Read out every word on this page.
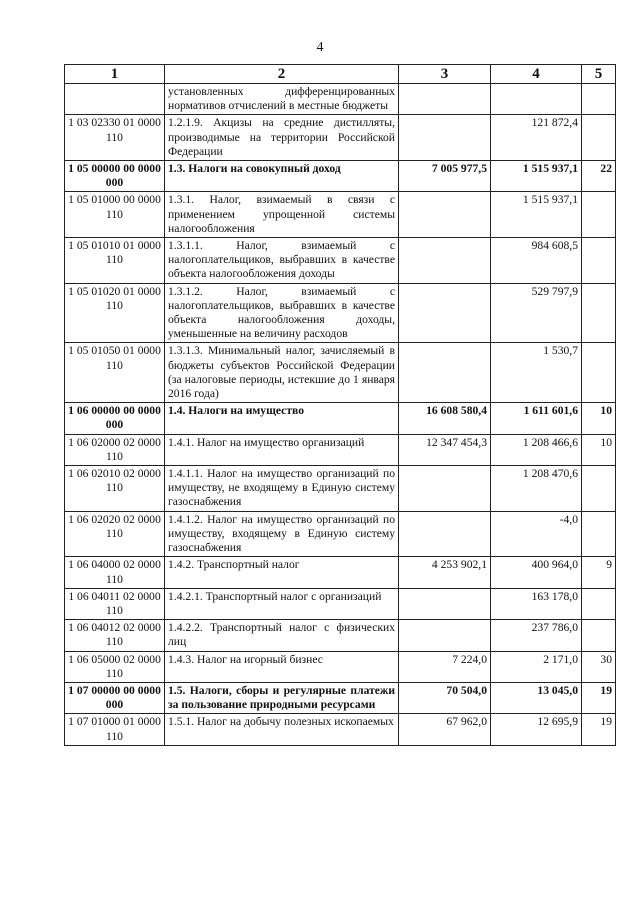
4
1	2	3	4	5
	установленных дифференцированных нормативов отчислений в местные бюджеты			
1 03 02330 01 0000 110	1.2.1.9. Акцизы на средние дистилляты, производимые на территории Российской Федерации		121 872,4	
1 05 00000 00 0000 000	1.3. Налоги на совокупный доход	7 005 977,5	1 515 937,1	22
1 05 01000 00 0000 110	1.3.1. Налог, взимаемый в связи с применением упрощенной системы налогообложения		1 515 937,1	
1 05 01010 01 0000 110	1.3.1.1. Налог, взимаемый с налогоплательщиков, выбравших в качестве объекта налогообложения доходы		984 608,5	
1 05 01020 01 0000 110	1.3.1.2. Налог, взимаемый с налогоплательщиков, выбравших в качестве объекта налогообложения доходы, уменьшенные на величину расходов		529 797,9	
1 05 01050 01 0000 110	1.3.1.3. Минимальный налог, зачисляемый в бюджеты субъектов Российской Федерации (за налоговые периоды, истекшие до 1 января 2016 года)		1 530,7	
1 06 00000 00 0000 000	1.4. Налоги на имущество	16 608 580,4	1 611 601,6	10
1 06 02000 02 0000 110	1.4.1. Налог на имущество организаций	12 347 454,3	1 208 466,6	10
1 06 02010 02 0000 110	1.4.1.1. Налог на имущество организаций по имуществу, не входящему в Единую систему газоснабжения		1 208 470,6	
1 06 02020 02 0000 110	1.4.1.2. Налог на имущество организаций по имуществу, входящему в Единую систему газоснабжения		-4,0	
1 06 04000 02 0000 110	1.4.2. Транспортный налог	4 253 902,1	400 964,0	9
1 06 04011 02 0000 110	1.4.2.1. Транспортный налог с организаций		163 178,0	
1 06 04012 02 0000 110	1.4.2.2. Транспортный налог с физических лиц		237 786,0	
1 06 05000 02 0000 110	1.4.3. Налог на игорный бизнес	7 224,0	2 171,0	30
1 07 00000 00 0000 000	1.5. Налоги, сборы и регулярные платежи за пользование природными ресурсами	70 504,0	13 045,0	19
1 07 01000 01 0000 110	1.5.1. Налог на добычу полезных ископаемых	67 962,0	12 695,9	19
